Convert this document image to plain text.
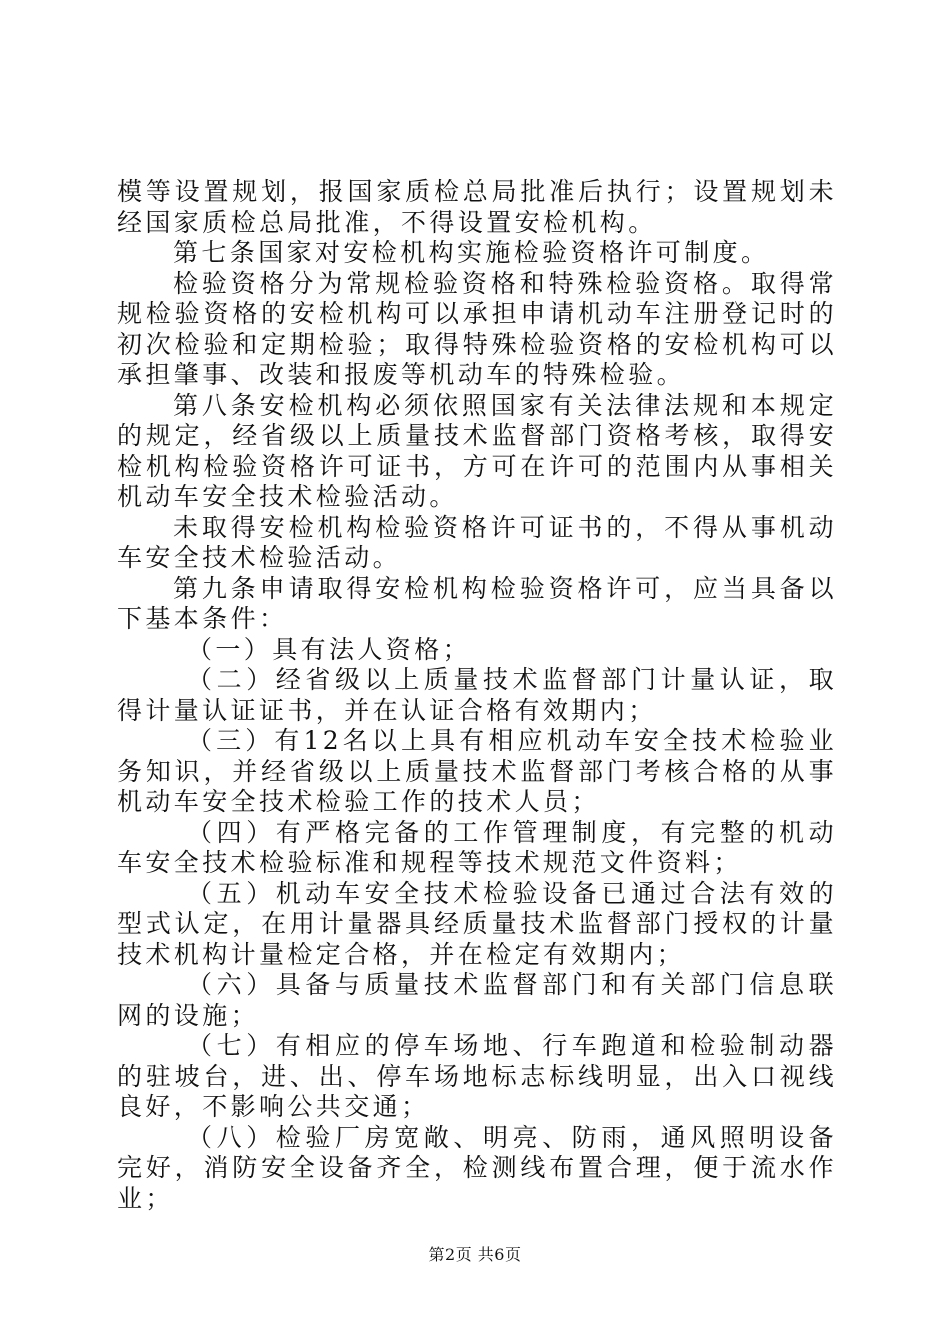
模等设置规划，报国家质检总局批准后执行；设置规划未经国家质检总局批准，不得设置安检机构。

第七条国家对安检机构实施检验资格许可制度。

检验资格分为常规检验资格和特殊检验资格。取得常规检验资格的安检机构可以承担申请机动车注册登记时的初次检验和定期检验；取得特殊检验资格的安检机构可以承担肇事、改装和报废等机动车的特殊检验。

第八条安检机构必须依照国家有关法律法规和本规定的规定，经省级以上质量技术监督部门资格考核，取得安检机构检验资格许可证书，方可在许可的范围内从事相关机动车安全技术检验活动。

未取得安检机构检验资格许可证书的，不得从事机动车安全技术检验活动。

第九条申请取得安检机构检验资格许可，应当具备以下基本条件：

（一）具有法人资格；

（二）经省级以上质量技术监督部门计量认证，取得计量认证证书，并在认证合格有效期内；

（三）有12名以上具有相应机动车安全技术检验业务知识，并经省级以上质量技术监督部门考核合格的从事机动车安全技术检验工作的技术人员；

（四）有严格完备的工作管理制度，有完整的机动车安全技术检验标准和规程等技术规范文件资料；

（五）机动车安全技术检验设备已通过合法有效的型式认定，在用计量器具经质量技术监督部门授权的计量技术机构计量检定合格，并在检定有效期内；

（六）具备与质量技术监督部门和有关部门信息联网的设施；

（七）有相应的停车场地、行车跑道和检验制动器的驻坡台，进、出、停车场地标志标线明显，出入口视线良好，不影响公共交通；

（八）检验厂房宽敞、明亮、防雨，通风照明设备完好，消防安全设备齐全，检测线布置合理，便于流水作业；

第2页 共6页
